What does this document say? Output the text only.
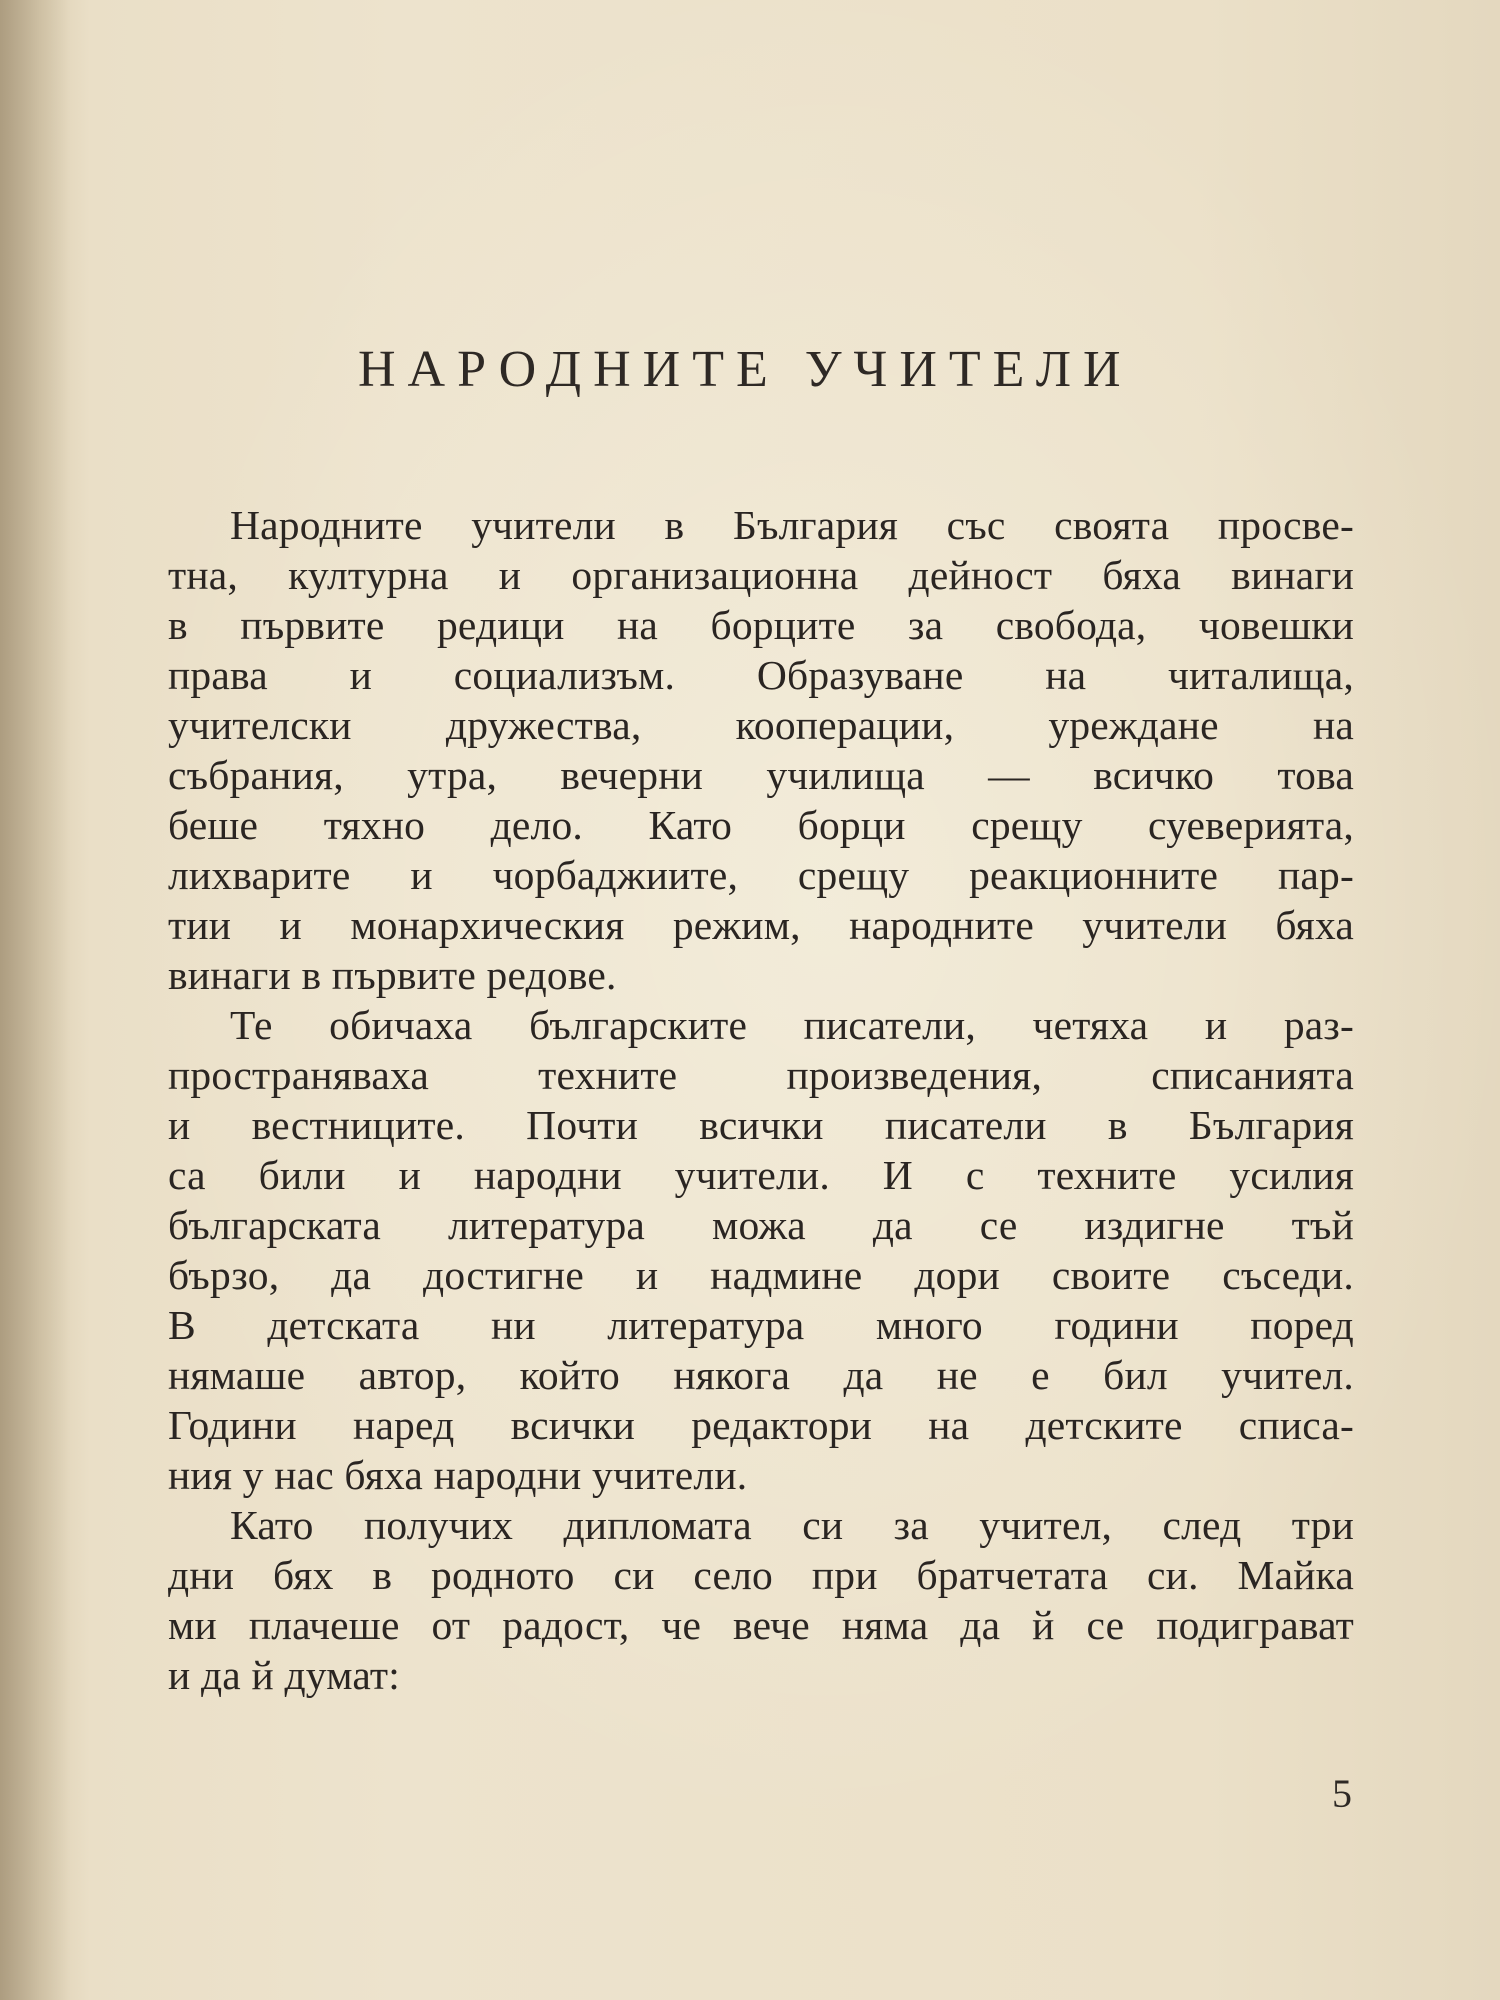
НАРОДНИТЕ УЧИТЕЛИ
Народните учители в България със своята просве-
тна, културна и организационна дейност бяха винаги
в първите редици на борците за свобода, човешки
права и социализъм. Образуване на читалища,
учителски дружества, кооперации, уреждане на
събрания, утра, вечерни училища — всичко това
беше тяхно дело. Като борци срещу суеверията,
лихварите и чорбаджиите, срещу реакционните пар-
тии и монархическия режим, народните учители бяха
винаги в първите редове.
Те обичаха българските писатели, четяха и раз-
пространяваха техните произведения, списанията
и вестниците. Почти всички писатели в България
са били и народни учители. И с техните усилия
българската литература можа да се издигне тъй
бързо, да достигне и надмине дори своите съседи.
В детската ни литература много години поред
нямаше автор, който някога да не е бил учител.
Години наред всички редактори на детските списа-
ния у нас бяха народни учители.
Като получих дипломата си за учител, след три
дни бях в родното си село при братчетата си. Майка
ми плачеше от радост, че вече няма да й се подиграват
и да й думат:
5
